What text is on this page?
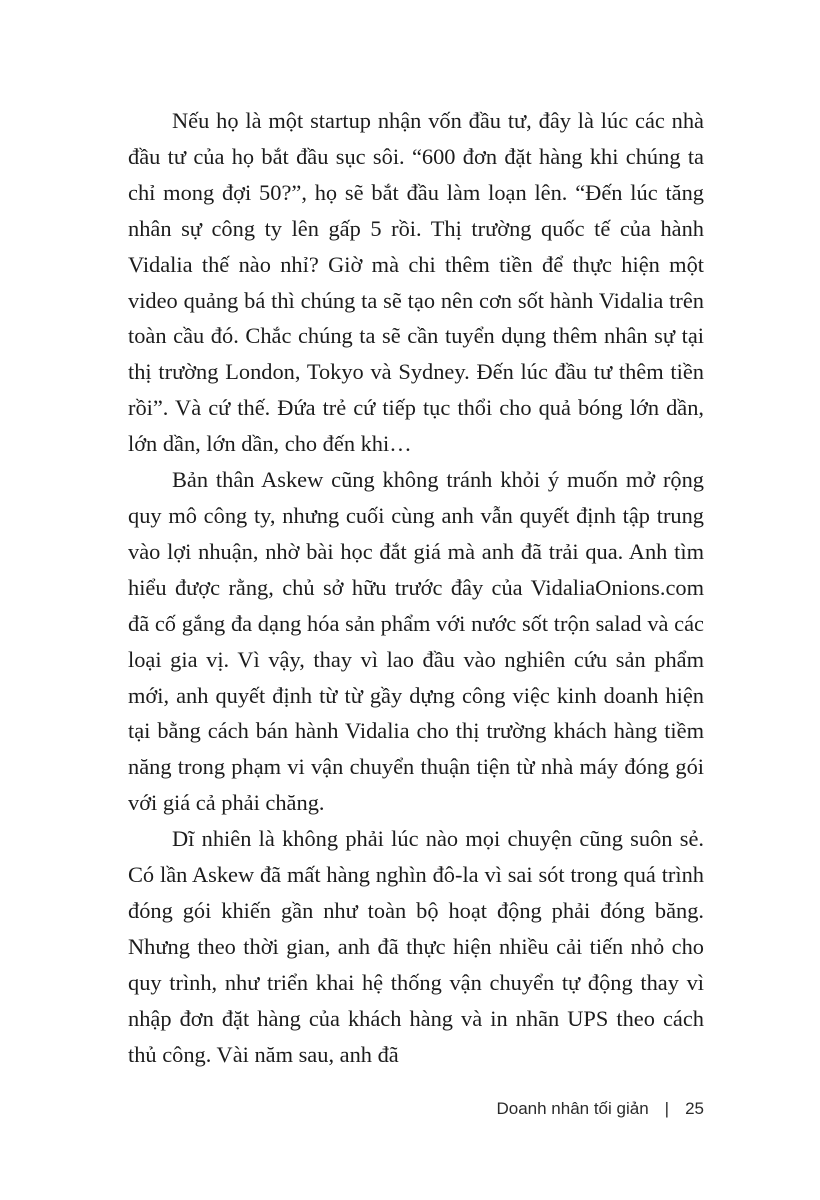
Nếu họ là một startup nhận vốn đầu tư, đây là lúc các nhà đầu tư của họ bắt đầu sục sôi. “600 đơn đặt hàng khi chúng ta chỉ mong đợi 50?”, họ sẽ bắt đầu làm loạn lên. “Đến lúc tăng nhân sự công ty lên gấp 5 rồi. Thị trường quốc tế của hành Vidalia thế nào nhỉ? Giờ mà chi thêm tiền để thực hiện một video quảng bá thì chúng ta sẽ tạo nên cơn sốt hành Vidalia trên toàn cầu đó. Chắc chúng ta sẽ cần tuyển dụng thêm nhân sự tại thị trường London, Tokyo và Sydney. Đến lúc đầu tư thêm tiền rồi”. Và cứ thế. Đứa trẻ cứ tiếp tục thổi cho quả bóng lớn dần, lớn dần, lớn dần, cho đến khi…

Bản thân Askew cũng không tránh khỏi ý muốn mở rộng quy mô công ty, nhưng cuối cùng anh vẫn quyết định tập trung vào lợi nhuận, nhờ bài học đắt giá mà anh đã trải qua. Anh tìm hiểu được rằng, chủ sở hữu trước đây của VidaliaOnions.com đã cố gắng đa dạng hóa sản phẩm với nước sốt trộn salad và các loại gia vị. Vì vậy, thay vì lao đầu vào nghiên cứu sản phẩm mới, anh quyết định từ từ gầy dựng công việc kinh doanh hiện tại bằng cách bán hành Vidalia cho thị trường khách hàng tiềm năng trong phạm vi vận chuyển thuận tiện từ nhà máy đóng gói với giá cả phải chăng.

Dĩ nhiên là không phải lúc nào mọi chuyện cũng suôn sẻ. Có lần Askew đã mất hàng nghìn đô-la vì sai sót trong quá trình đóng gói khiến gần như toàn bộ hoạt động phải đóng băng. Nhưng theo thời gian, anh đã thực hiện nhiều cải tiến nhỏ cho quy trình, như triển khai hệ thống vận chuyển tự động thay vì nhập đơn đặt hàng của khách hàng và in nhãn UPS theo cách thủ công. Vài năm sau, anh đã

Doanh nhân tối giản | 25
